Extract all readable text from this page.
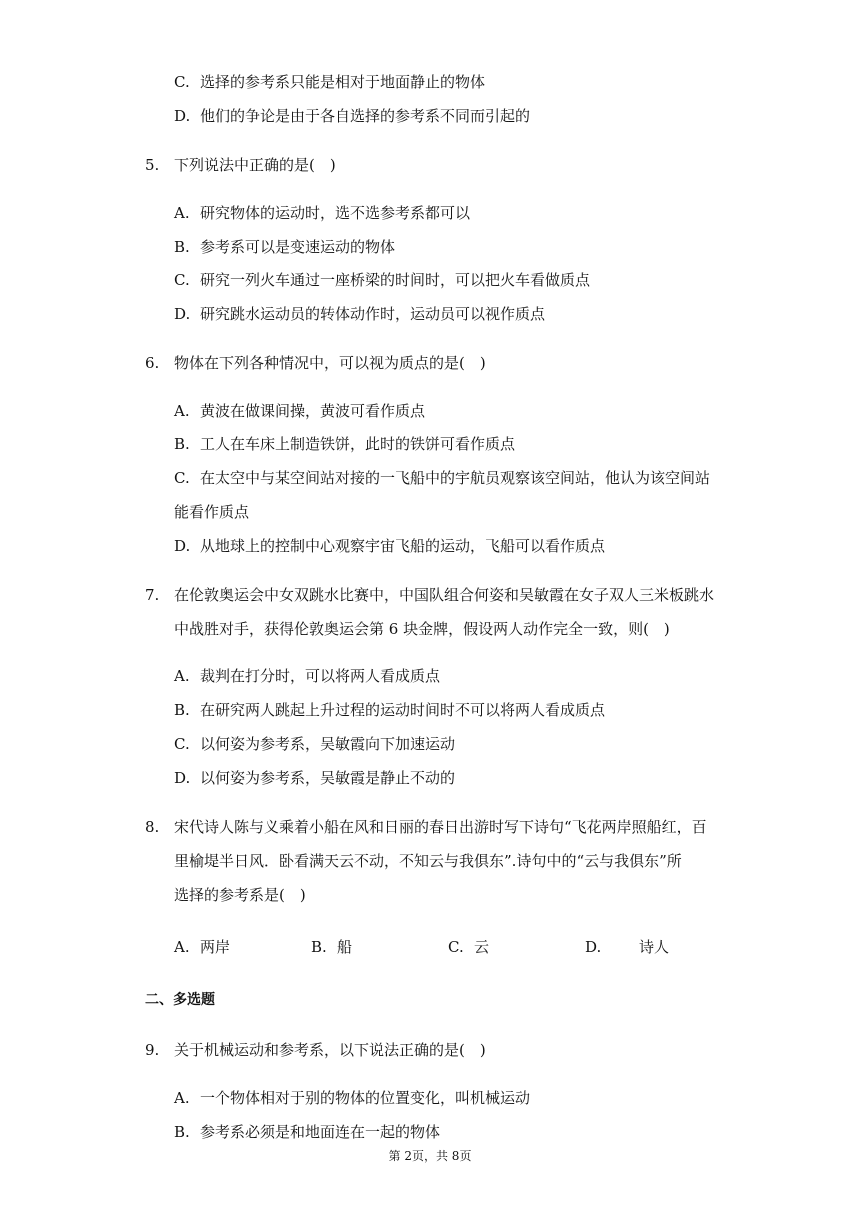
C. 选择的参考系只能是相对于地面静止的物体
D. 他们的争论是由于各自选择的参考系不同而引起的
5. 下列说法中正确的是(　)
A. 研究物体的运动时，选不选参考系都可以
B. 参考系可以是变速运动的物体
C. 研究一列火车通过一座桥梁的时间时，可以把火车看做质点
D. 研究跳水运动员的转体动作时，运动员可以视作质点
6. 物体在下列各种情况中，可以视为质点的是(　)
A. 黄波在做课间操，黄波可看作质点
B. 工人在车床上制造铁饼，此时的铁饼可看作质点
C. 在太空中与某空间站对接的一飞船中的宇航员观察该空间站，他认为该空间站
能看作质点
D. 从地球上的控制中心观察宇宙飞船的运动，飞船可以看作质点
7. 在伦敦奥运会中女双跳水比赛中，中国队组合何姿和吴敏霞在女子双人三米板跳水
中战胜对手，获得伦敦奥运会第 6 块金牌，假设两人动作完全一致，则(　)
A. 裁判在打分时，可以将两人看成质点
B. 在研究两人跳起上升过程的运动时间时不可以将两人看成质点
C. 以何姿为参考系，吴敏霞向下加速运动
D. 以何姿为参考系，吴敏霞是静止不动的
8. 宋代诗人陈与义乘着小船在风和日丽的春日出游时写下诗句“飞花两岸照船红，百
里榆堤半日风．卧看满天云不动，不知云与我俱东”.诗句中的“云与我俱东”所
选择的参考系是(　)
A. 两岸	B. 船	C. 云	D.	诗人
二、多选题
9. 关于机械运动和参考系，以下说法正确的是(　)
A. 一个物体相对于别的物体的位置变化，叫机械运动
B. 参考系必须是和地面连在一起的物体
第 2页，共 8页
